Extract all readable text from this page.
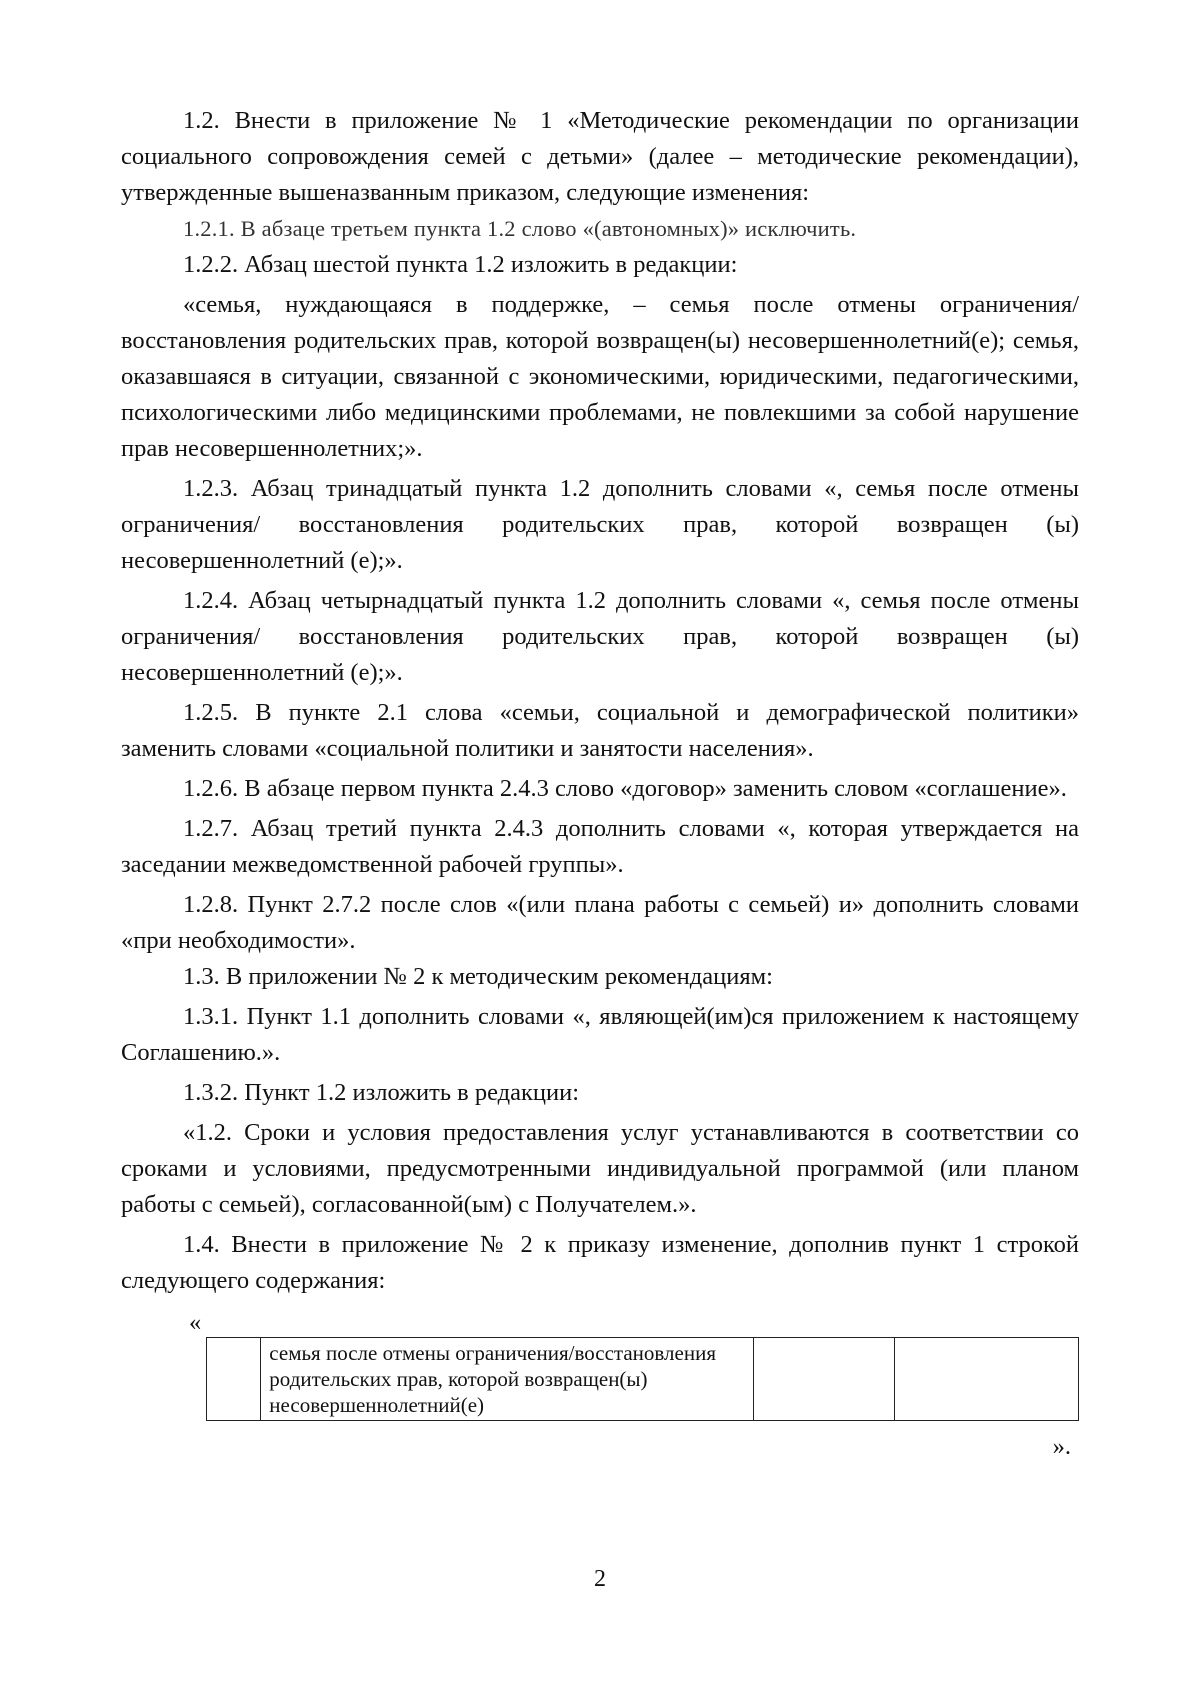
1.2. Внести в приложение № 1 «Методические рекомендации по организации социального сопровождения семей с детьми» (далее – методические рекомендации), утвержденные вышеназванным приказом, следующие изменения:

1.2.1. В абзаце третьем пункта 1.2 слово «(автономных)» исключить.

1.2.2. Абзац шестой пункта 1.2 изложить в редакции:

«семья, нуждающаяся в поддержке, – семья после отмены ограничения/восстановления родительских прав, которой возвращен(ы) несовершеннолетний(е); семья, оказавшаяся в ситуации, связанной с экономическими, юридическими, педагогическими, психологическими либо медицинскими проблемами, не повлекшими за собой нарушение прав несовершеннолетних;».

1.2.3. Абзац тринадцатый пункта 1.2 дополнить словами «, семья после отмены ограничения/ восстановления родительских прав, которой возвращен (ы) несовершеннолетний (е);».

1.2.4. Абзац четырнадцатый пункта 1.2 дополнить словами «, семья после отмены ограничения/ восстановления родительских прав, которой возвращен (ы) несовершеннолетний (е);».

1.2.5. В пункте 2.1 слова «семьи, социальной и демографической политики» заменить словами «социальной политики и занятости населения».

1.2.6. В абзаце первом пункта 2.4.3 слово «договор» заменить словом «соглашение».

1.2.7. Абзац третий пункта 2.4.3 дополнить словами «, которая утверждается на заседании межведомственной рабочей группы».

1.2.8. Пункт 2.7.2 после слов «(или плана работы с семьей) и» дополнить словами «при необходимости».

1.3. В приложении № 2 к методическим рекомендациям:

1.3.1. Пункт 1.1 дополнить словами «, являющей(им)ся приложением к настоящему Соглашению.».

1.3.2. Пункт 1.2 изложить в редакции:

«1.2. Сроки и условия предоставления услуг устанавливаются в соответствии со сроками и условиями, предусмотренными индивидуальной программой (или планом работы с семьей), согласованной(ым) с Получателем.».

1.4. Внести в приложение № 2 к приказу изменение, дополнив пункт 1 строкой следующего содержания:

«

	семья после отмены ограничения/восстановления родительских прав, которой возвращен(ы) несовершеннолетний(е)		

».

2
